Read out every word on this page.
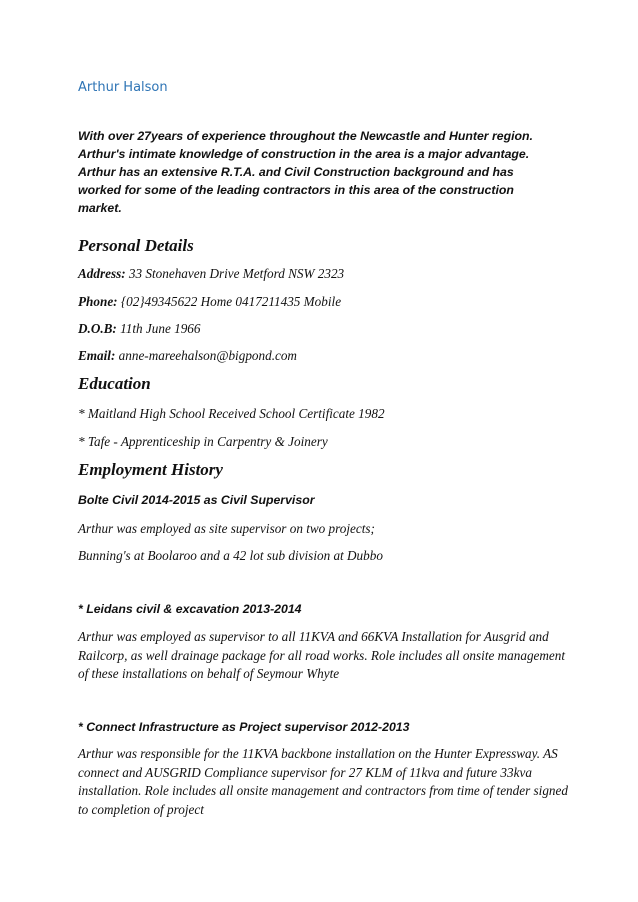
Arthur Halson
With over 27years of experience throughout the Newcastle and Hunter region. Arthur's intimate knowledge of construction in the area is a major advantage. Arthur has an extensive R.T.A. and Civil Construction background and has worked for some of the leading contractors in this area of the construction market.
Personal Details
Address: 33 Stonehaven Drive Metford NSW 2323
Phone: {02}49345622 Home 0417211435 Mobile
D.O.B: 11th June 1966
Email: anne-mareehalson@bigpond.com
Education
* Maitland High School Received School Certificate 1982
* Tafe - Apprenticeship in Carpentry & Joinery
Employment History
Bolte Civil 2014-2015 as Civil Supervisor
Arthur was employed as site supervisor on two projects;
Bunning's at Boolaroo and a 42 lot sub division at Dubbo
* Leidans civil & excavation 2013-2014
Arthur was employed as supervisor to all 11KVA and 66KVA Installation for Ausgrid and Railcorp, as well drainage package for all road works. Role includes all onsite management of these installations on behalf of Seymour Whyte
* Connect Infrastructure as Project supervisor 2012-2013
Arthur was responsible for the 11KVA backbone installation on the Hunter Expressway. AS connect and AUSGRID Compliance supervisor for 27 KLM of 11kva and future 33kva installation. Role includes all onsite management and contractors from time of tender signed to completion of project
